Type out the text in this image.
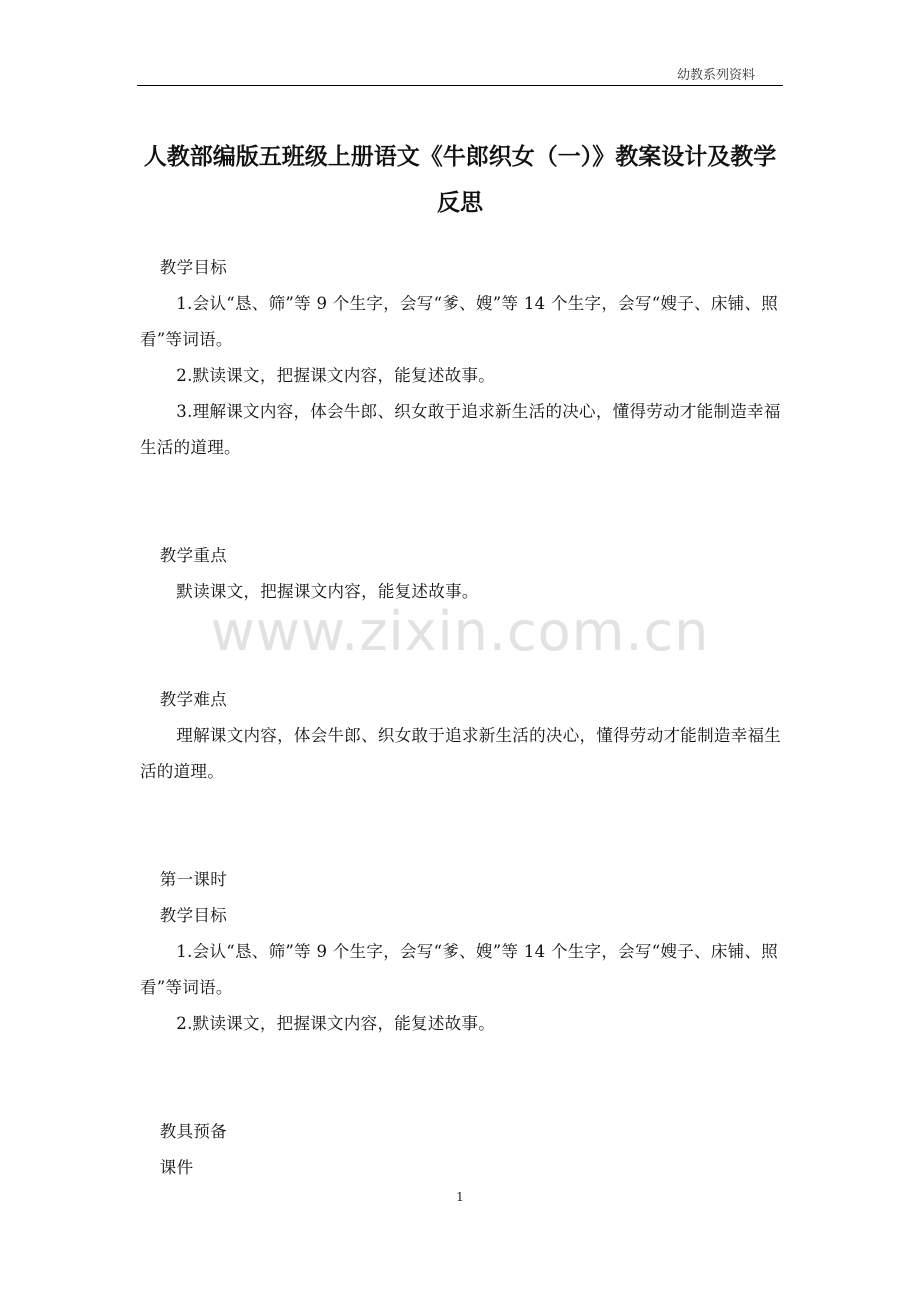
幼教系列资料
人教部编版五班级上册语文《牛郎织女（一）》教案设计及教学反思
教学目标
1.会认“恳、筛”等 9 个生字，会写“爹、嫂”等 14 个生字，会写“嫂子、床铺、照看”等词语。
2.默读课文，把握课文内容，能复述故事。
3.理解课文内容，体会牛郎、织女敢于追求新生活的决心，懂得劳动才能制造幸福生活的道理。
教学重点
默读课文，把握课文内容，能复述故事。
www.zixin.com.cn
教学难点
理解课文内容，体会牛郎、织女敢于追求新生活的决心，懂得劳动才能制造幸福生活的道理。
第一课时
教学目标
1.会认“恳、筛”等 9 个生字，会写“爹、嫂”等 14 个生字，会写“嫂子、床铺、照看”等词语。
2.默读课文，把握课文内容，能复述故事。
教具预备
课件
1
